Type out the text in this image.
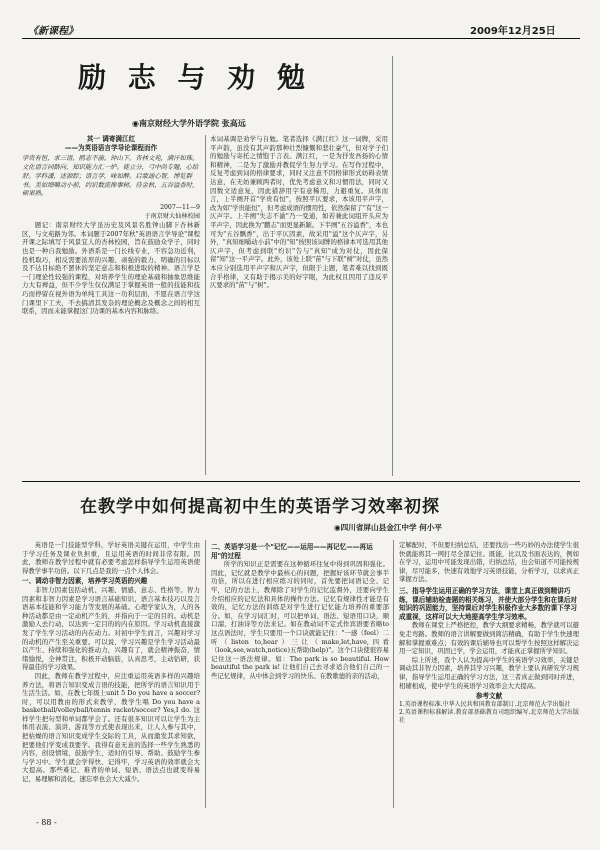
《新课程》	2009年12月25日
励 志 与 劝 勉
◉南京财经大学外语学院 张高远

其一 调寄满江红

——为英语语言学导论课程而作

学贵有恒，求三语，鸥志不渝。钟山下，杏林文苑，满汗如珠。文化语言同路向，知识能力汇一炉。徒立分，弓中尚专题，心给舒。学科潘，述源踪；语言学，味如醉。启蒙迪心智，博览群书。美如细嚼动小前，约识数流搀事树。待金秋、五谷溢香时，硕果熟。

2007—11—9

于南京财大仙林校园

题记：南京财经大学虽历史及风景名胜钟山脚下杏林新区，与文苑路为邻。本词题于2007年秋"英语语言学导论"课程开课之际填写于风景宜人的杏林校园，旨在鼓励众学子，同时也是一种自我勉励。外语系是一门长线专业，不容急功近利，投机取巧，相反需要浓厚的兴趣、顽强的毅力、明确的目标以及不达目标绝不罢休的坚定意志和积极进取的精神。语言学是一门理论性较强的课程，对培养学生的理论基础和抽象思维能力大有裨益，但不少学生仅仅满足于掌握英语一般的技能和技巧而停留在视外语为单纯工具这一功利层面，不愿在语言学这门课里下工夫，不去搞清其发杂的理论概念及概念之间的相互联系，因而未能掌握这门功课的基本内容和脉络。

本词基调是劝学与自勉。笔者选择《满江红》这一词牌，采用平声韵，虽没有其声韵那种壮烈慷慨和悲壮豪气，但对学子们的勉励与寄托之情饱于言表。满江红，一是为抒发吾扬的心情和精神，二是为了激励并教促学生努力学习。在写作过程中，反复考虑到词的格律要求，同时又注意不因格律形式妨碍表情达意，在无妨兼顾两者时，优先考虑意义和习惯用法，同时又因数文适意复，因此措辞用字有意稀用，力避重复。具体而言，上半阕开首"学贵有恒"，按照平仄要求，本该用平声字，改为如"学贵能恒"，但考虑成语的惯用性，依然保留了"有"这一仄声字。上半阕"失志不渝"乃一变通，如若兼此词组开头应为平声字，因此换为"鹏志"而更显新颖。下半阕"五谷溢香"，本也可为"五谷飘香"，出于平仄因素，故采用"溢"这个仄声字，另外，"真知细嚼动小前"中的"知"按照该词牌的格律本可选用其他仄声字，但考虑到联"灼识"告与"真知"成为对仗，因此保留"知"这一平声字。此外，该处上联"苗"与下联"树"对仗，虽然本应分别选用平声字和仄声字，但限于主题，笔者难以找到既合乎格律，又有助于揭示美的好字眼，为此权且因用了违反平仄要求的"苗"与"树"。

在教学中如何提高初中生的英语学习效率初探
◉四川省屏山县金江中学 何小平

英语是一门技能型学科，学好英语关键在运用，中学生由于学习任务及课业负担重，且运用英语的时间非常有限。因此，教师在教学过程中就有必要考虑怎样指导学生运用英语使得教学事半功倍。以下几点是我的一点个人体会。

一、调动非智力因素，培养学习英语的兴趣

非智力因素包括动机、兴趣、情感、意志、性格等。智力因素和非智力因素是学习语言基础知识、语言基本技巧以及言语基本技能和学习能力等发展的基础。心理学家认为，人的各种活动都是由一定动机产生的，并指向于一定的目的。动机是激励人去行动，以达到一定目的的内在原因。学习动机直接激发了学生学习活动的内在动力。对初中学生而言，兴趣对学习的动机的产生至关重要。可以说，学习兴趣是学生学习活动最以产生、持续和强化的推动力，兴趣有了，就会精神振奋，情绪愉悦，全神贯注，积极开动脑筋，认真思考，主动钻研，获得最佳的学习效果。

因此，教师在教学过程中，应注重运用英语多样的兴趣培养方法，将语言知识变成言语的技能，把所学的语言知识用于生活生活。如，在教七年级上unit 5 Do you have a soccer? 时，可以用教由的形式来教学，教学生唱 Do you have a basketball/volleyball/tennis racket/soccer? Yes,I do. 这样学生把句型和单词都学会了。还有很多知识可以让学生为主体用表演、演讲、游戏等方式使表现出来，让人人参与其中，把枯燥的语言知识变成学生交际的工具，从而激发其求知欲，把要他们学变成我要学。我得有意无意的选择一些学生熟悉的内容，创设情境，鼓励学生，适时的引导、帮助、鼓励学生参与学习中。学生就会学得快、记得牢，学习英语的效率就会大大提高。那些难记、难背的单词、短语、语法点也就变得易记、易理解和消化，速忘率也会大大减少。

二、英语学习是一个"记忆——运用——再记忆——再运用"的过程

所学的知识正是需要在这种循环往复中得到巩固和强化。因此，记忆就是教学中最核心的问题，把握好该环节就会事半功倍，所以在进行相应练习的同时，首先要把词语记全、记牢，记的方法上，教师除了对学生的记忆监督外，还要向学生介绍相应的记忆法和具体的操作方法。记忆有规律性才能是有效的，记忆方法的训练是对学生进行记忆能力培养的重要部分。如，在学习词汇时，可以把单词、语法、短语用口诀，顺口溜、打油诗等方法来记。如在教动词不定式作宾语要省略to这点语法时，学生只要用一个口诀就能记住："一感（feel）二听（listen to,hear）三让（make,let,have,四看（look,see,watch,notice)五帮助(help)"。这个口诀使很容易记住这一语法规律。如：The park is so beautiful. How beautiful the park is! 让他们自己去寻求适合他们自己的一些记忆规律，从中体会到学习的快乐。在教歌德的亲的活动，

定解配时，不但要归纳总结，还要找出一些巧妙的办法使学生很快就能将其一网打尽全部记住。既能，比以及书面表达的，例如在学习，运用中可能发现出错，归纳总结，也会知道不可能按规律，尽可能多，快速有效地学习英语技能，分析学习，以求真正掌握方法。

三、指导学生运用正确的学习方法，课堂上真正做到精讲巧练，课后辅助检查题的相关练习，并使大部分学生和在课后对知识的巩固能力，坚持课后对学生积极作业大多数的课下学习成重视，这样可以大大地提高学生学习效率。

教师在课堂上严格把控，教学大纲要求精畅，教学就可以避免走弯路。教师的语言讲解要做到简洁精确，有助于学生快速理解和掌握重难点；有效的课后辅导也可以帮学生按照这样解决运用一定知识，巩固已学，学会运用，才能真正掌握所学知识。

综上所述，我个人认为提高中学生的英语学习效率，关键是调动其非智力因素，培养其学习兴趣，教学上要认真研究学习规律，指导学生运用正确的学习方法，这三者真正做到同时并进，相辅相成，使中学生的英语学习效率会大大提高。

参考文献

1.英语课程标准.中华人民共和国教育部制订.北京师范大学出版社

2.英语课程标准解读.教育部基础教育司组织编写.北京师范大学出版社

- 88 -
